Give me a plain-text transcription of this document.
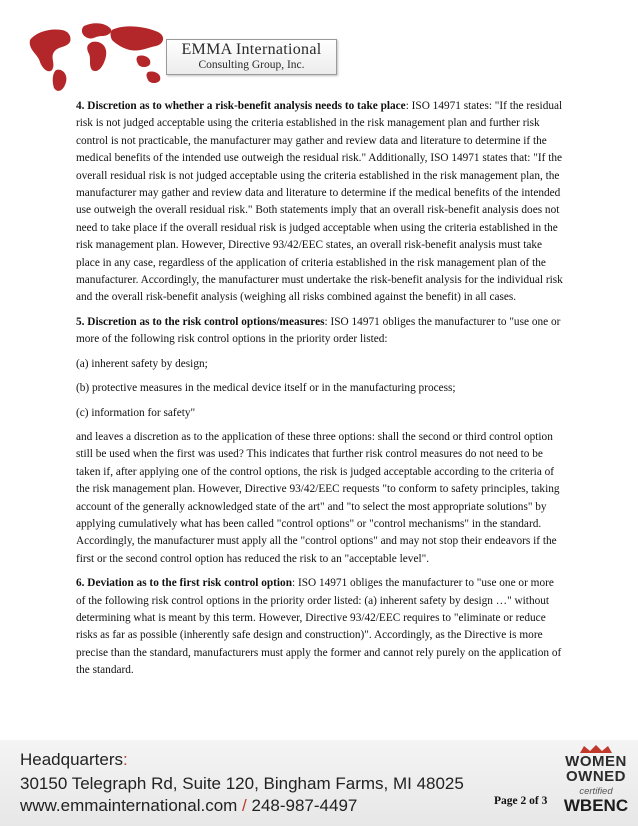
EMMA International
Consulting Group, Inc.

4. Discretion as to whether a risk-benefit analysis needs to take place: ISO 14971 states: "If the residual risk is not judged acceptable using the criteria established in the risk management plan and further risk control is not practicable, the manufacturer may gather and review data and literature to determine if the medical benefits of the intended use outweigh the residual risk." Additionally, ISO 14971 states that: "If the overall residual risk is not judged acceptable using the criteria established in the risk management plan, the manufacturer may gather and review data and literature to determine if the medical benefits of the intended use outweigh the overall residual risk." Both statements imply that an overall risk-benefit analysis does not need to take place if the overall residual risk is judged acceptable when using the criteria established in the risk management plan. However, Directive 93/42/EEC states, an overall risk-benefit analysis must take place in any case, regardless of the application of criteria established in the risk management plan of the manufacturer. Accordingly, the manufacturer must undertake the risk-benefit analysis for the individual risk and the overall risk-benefit analysis (weighing all risks combined against the benefit) in all cases.

5. Discretion as to the risk control options/measures: ISO 14971 obliges the manufacturer to "use one or more of the following risk control options in the priority order listed:

(a) inherent safety by design;

(b) protective measures in the medical device itself or in the manufacturing process;

(c) information for safety"

and leaves a discretion as to the application of these three options: shall the second or third control option still be used when the first was used? This indicates that further risk control measures do not need to be taken if, after applying one of the control options, the risk is judged acceptable according to the criteria of the risk management plan. However, Directive 93/42/EEC requests "to conform to safety principles, taking account of the generally acknowledged state of the art" and "to select the most appropriate solutions" by applying cumulatively what has been called "control options" or "control mechanisms" in the standard. Accordingly, the manufacturer must apply all the "control options" and may not stop their endeavors if the first or the second control option has reduced the risk to an "acceptable level".

6. Deviation as to the first risk control option: ISO 14971 obliges the manufacturer to "use one or more of the following risk control options in the priority order listed: (a) inherent safety by design …" without determining what is meant by this term. However, Directive 93/42/EEC requires to "eliminate or reduce risks as far as possible (inherently safe design and construction)". Accordingly, as the Directive is more precise than the standard, manufacturers must apply the former and cannot rely purely on the application of the standard.

Headquarters:
30150 Telegraph Rd, Suite 120, Bingham Farms, MI 48025
www.emmainternational.com / 248-987-4497	Page 2 of 3
WOMEN
OWNED
certified
WBENC
